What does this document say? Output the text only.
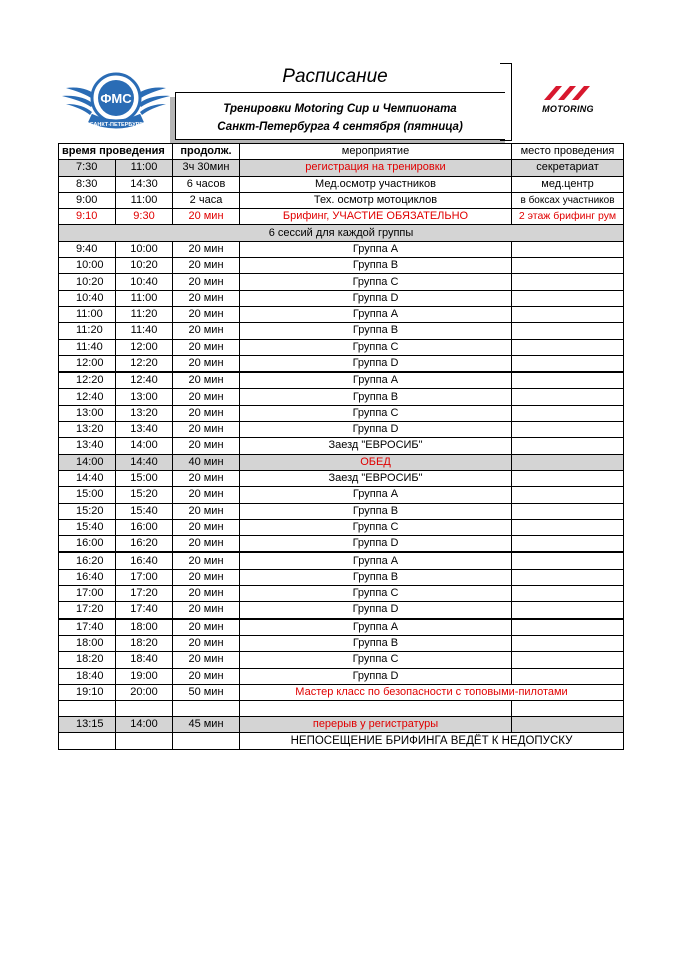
ФМС
САНКТ-ПЕТЕРБУРГ
Расписание
Тренировки Motoring Cup и Чемпионата
Санкт-Петербурга 4 сентября (пятница)
MOTORING
время проведения		продолж.	мероприятие	место проведения
7:30	11:00	3ч 30мин	регистрация на тренировки	секретариат
8:30	14:30	6 часов	Мед.осмотр участников	мед.центр
9:00	11:00	2 часа	Тех. осмотр мотоциклов	в боксах участников
9:10	9:30	20 мин	Брифинг, УЧАСТИЕ ОБЯЗАТЕЛЬНО	2 этаж брифинг рум
6 сессий для каждой группы				
9:40	10:00	20 мин	Группа A	
10:00	10:20	20 мин	Группа B	
10:20	10:40	20 мин	Группа C	
10:40	11:00	20 мин	Группа D	
11:00	11:20	20 мин	Группа A	
11:20	11:40	20 мин	Группа B	
11:40	12:00	20 мин	Группа C	
12:00	12:20	20 мин	Группа D	
12:20	12:40	20 мин	Группа A	
12:40	13:00	20 мин	Группа B	
13:00	13:20	20 мин	Группа C	
13:20	13:40	20 мин	Группа D	
13:40	14:00	20 мин	Заезд "ЕВРОСИБ"	
14:00	14:40	40 мин	ОБЕД	
14:40	15:00	20 мин	Заезд "ЕВРОСИБ"	
15:00	15:20	20 мин	Группа A	
15:20	15:40	20 мин	Группа B	
15:40	16:00	20 мин	Группа C	
16:00	16:20	20 мин	Группа D	
16:20	16:40	20 мин	Группа A	
16:40	17:00	20 мин	Группа B	
17:00	17:20	20 мин	Группа C	
17:20	17:40	20 мин	Группа D	
17:40	18:00	20 мин	Группа A	
18:00	18:20	20 мин	Группа B	
18:20	18:40	20 мин	Группа C	
18:40	19:00	20 мин	Группа D	
19:10	20:00	50 мин	Мастер класс по безопасности с топовыми-пилотами	

13:15	14:00	45 мин	перерыв у регистратуры	
			НЕПОСЕЩЕНИЕ БРИФИНГА ВЕДЁТ К НЕДОПУСКУ	
